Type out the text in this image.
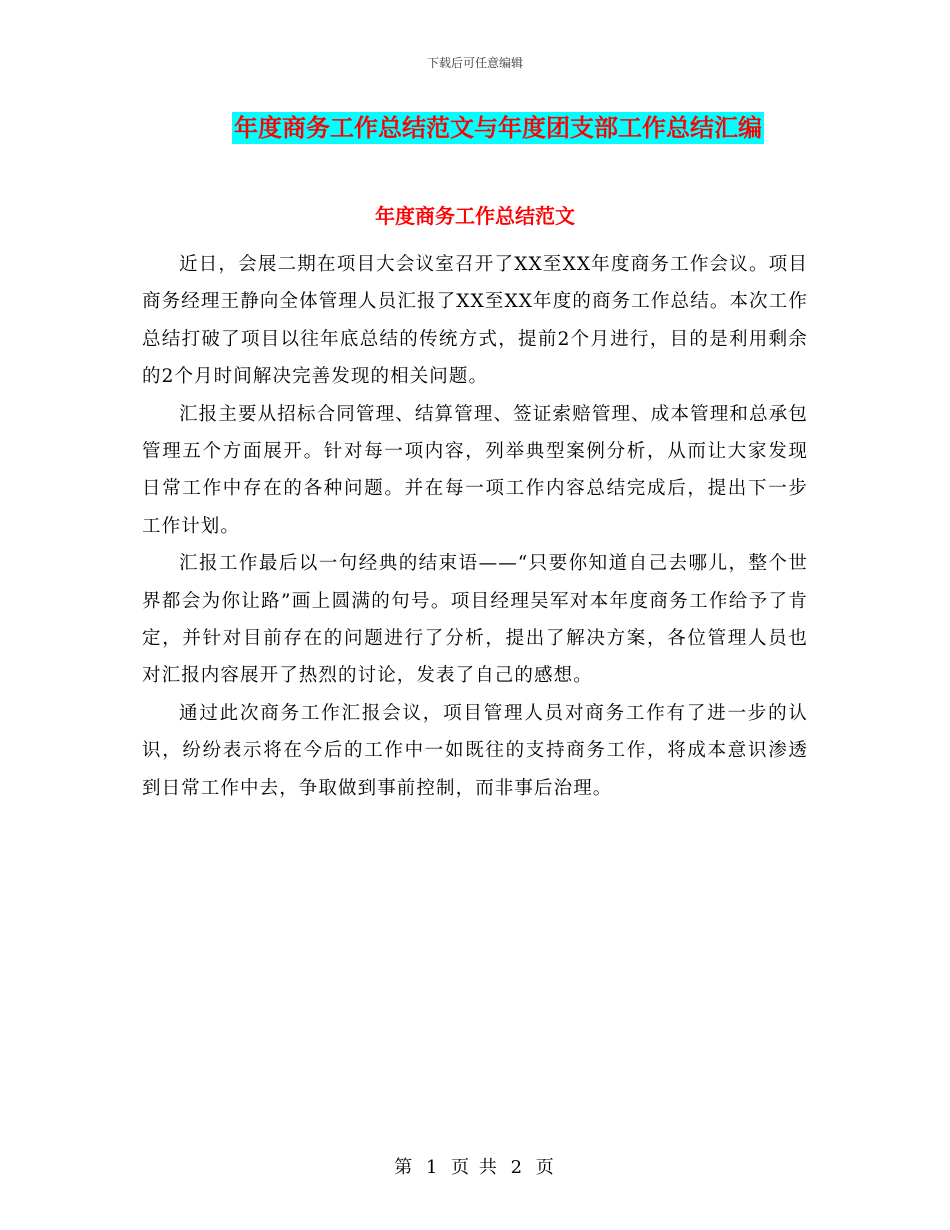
下载后可任意编辑
年度商务工作总结范文与年度团支部工作总结汇编
年度商务工作总结范文

近日，会展二期在项目大会议室召开了XX至XX年度商务工作会议。项目商务经理王静向全体管理人员汇报了XX至XX年度的商务工作总结。本次工作总结打破了项目以往年底总结的传统方式，提前2个月进行，目的是利用剩余的2个月时间解决完善发现的相关问题。

汇报主要从招标合同管理、结算管理、签证索赔管理、成本管理和总承包管理五个方面展开。针对每一项内容，列举典型案例分析，从而让大家发现日常工作中存在的各种问题。并在每一项工作内容总结完成后，提出下一步工作计划。

汇报工作最后以一句经典的结束语——“只要你知道自己去哪儿，整个世界都会为你让路”画上圆满的句号。项目经理吴军对本年度商务工作给予了肯定，并针对目前存在的问题进行了分析，提出了解决方案，各位管理人员也对汇报内容展开了热烈的讨论，发表了自己的感想。

通过此次商务工作汇报会议，项目管理人员对商务工作有了进一步的认识，纷纷表示将在今后的工作中一如既往的支持商务工作，将成本意识渗透到日常工作中去，争取做到事前控制，而非事后治理。

第 1 页 共 2 页
